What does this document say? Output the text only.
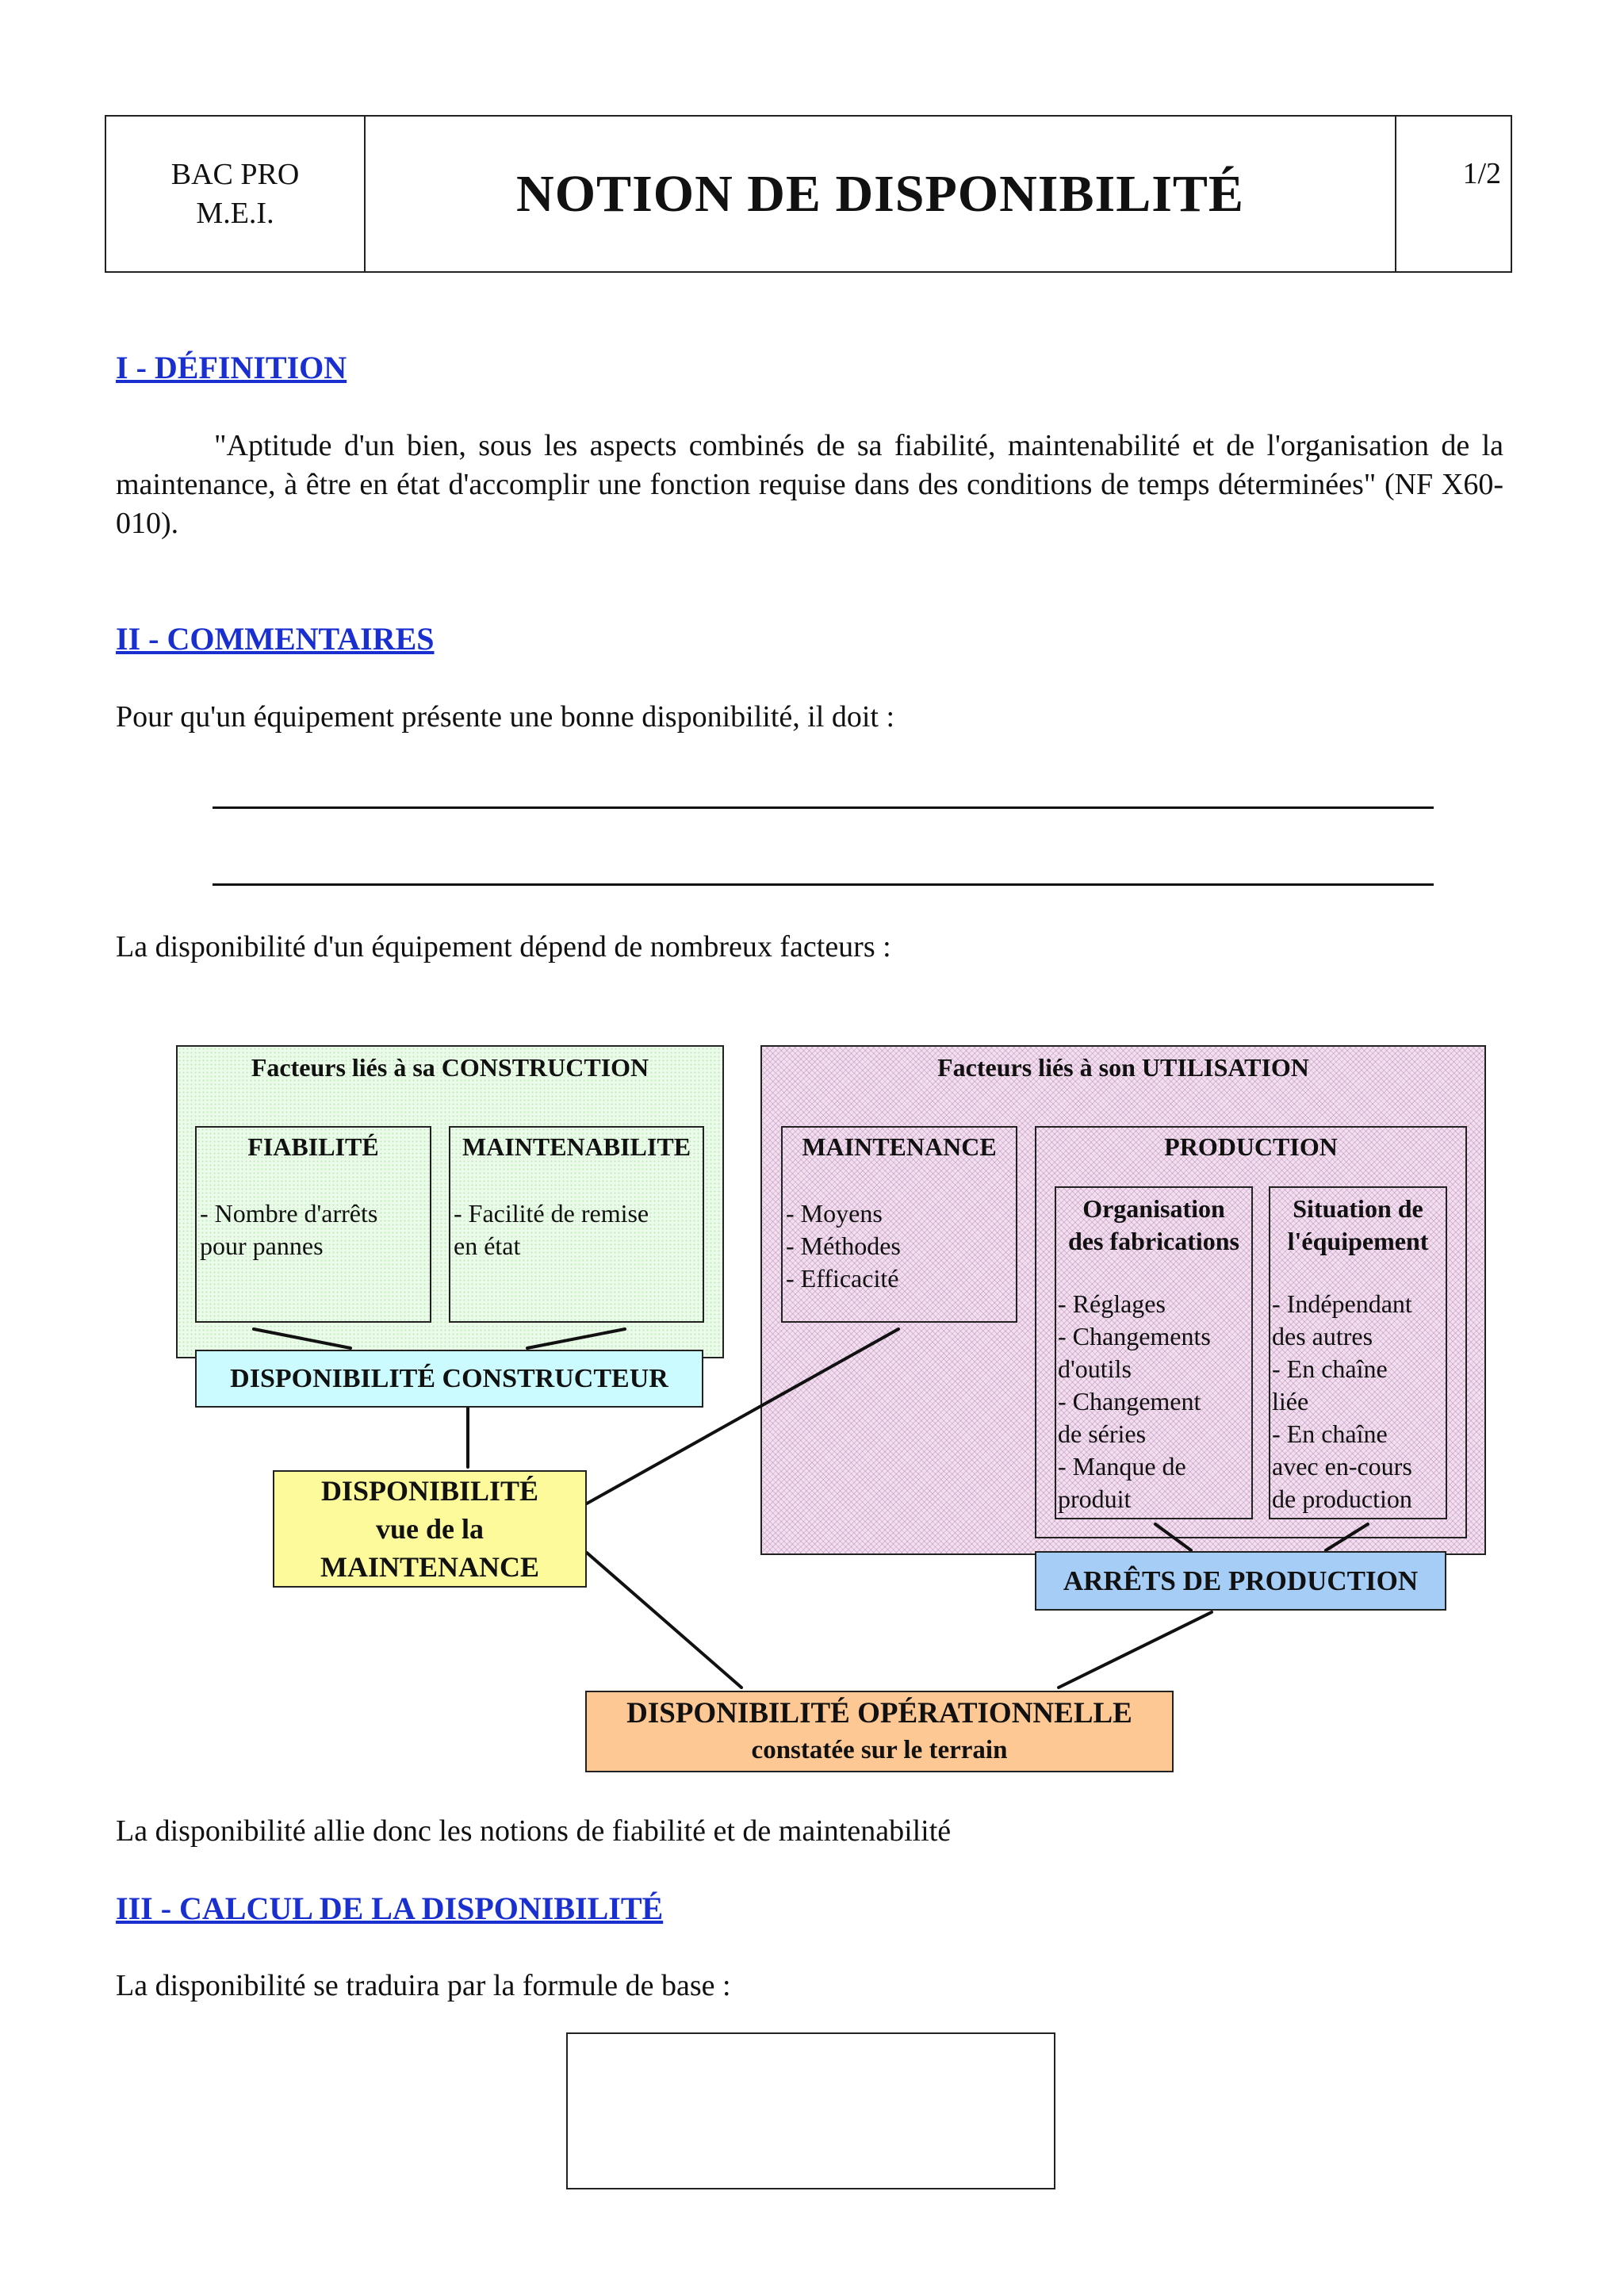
BAC PRO
M.E.I.	NOTION DE DISPONIBILITÉ	1/2
I - DÉFINITION
"Aptitude d'un bien, sous les aspects combinés de sa fiabilité, maintenabilité et de l'organisation de la maintenance, à être en état d'accomplir une fonction requise dans des conditions de temps déterminées" (NF X60-010).
II - COMMENTAIRES
Pour qu'un équipement présente une bonne disponibilité, il doit :
La disponibilité d'un équipement dépend de nombreux facteurs :
Facteurs liés à sa CONSTRUCTION
FIABILITÉ
- Nombre d'arrêts
pour pannes
MAINTENABILITE
- Facilité de remise
en état
Facteurs liés à son UTILISATION
MAINTENANCE
- Moyens
- Méthodes
- Efficacité
PRODUCTION
Organisation
des fabrications
- Réglages
- Changements
d'outils
- Changement
de séries
- Manque de
produit
Situation de
l'équipement
- Indépendant
des autres
- En chaîne
liée
- En chaîne
avec en-cours
de production
DISPONIBILITÉ CONSTRUCTEUR
DISPONIBILITÉ
vue de la
MAINTENANCE	ARRÊTS DE PRODUCTION
DISPONIBILITÉ OPÉRATIONNELLE
constatée sur le terrain
La disponibilité allie donc les notions de fiabilité et de maintenabilité
III - CALCUL DE LA DISPONIBILITÉ
La disponibilité se traduira par la formule de base :
